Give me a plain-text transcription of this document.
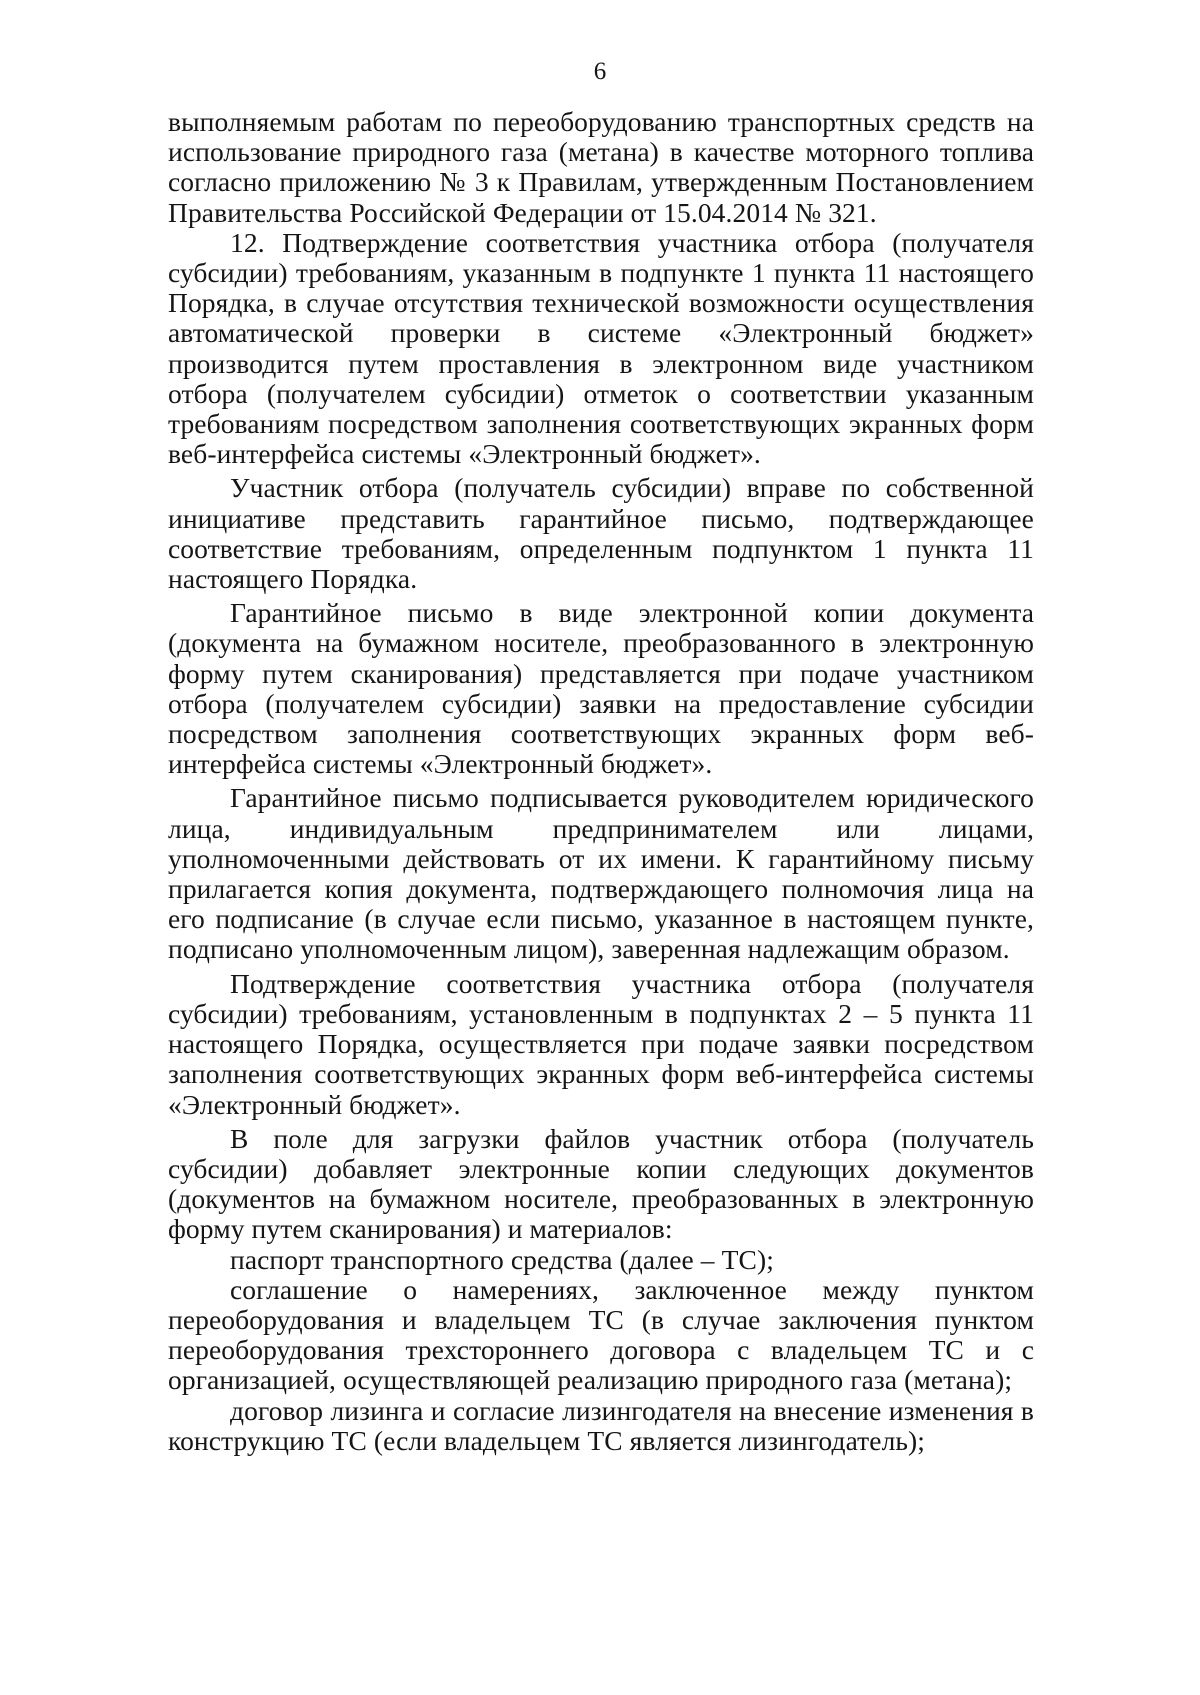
6

выполняемым работам по переоборудованию транспортных средств на использование природного газа (метана) в качестве моторного топлива согласно приложению № 3 к Правилам, утвержденным Постановлением Правительства Российской Федерации от 15.04.2014 № 321.

12. Подтверждение соответствия участника отбора (получателя субсидии) требованиям, указанным в подпункте 1 пункта 11 настоящего Порядка, в случае отсутствия технической возможности осуществления автоматической проверки в системе «Электронный бюджет» производится путем проставления в электронном виде участником отбора (получателем субсидии) отметок о соответствии указанным требованиям посредством заполнения соответствующих экранных форм веб-интерфейса системы «Электронный бюджет».

Участник отбора (получатель субсидии) вправе по собственной инициативе представить гарантийное письмо, подтверждающее соответствие требованиям, определенным подпунктом 1 пункта 11 настоящего Порядка.

Гарантийное письмо в виде электронной копии документа (документа на бумажном носителе, преобразованного в электронную форму путем сканирования) представляется при подаче участником отбора (получателем субсидии) заявки на предоставление субсидии посредством заполнения соответствующих экранных форм веб-интерфейса системы «Электронный бюджет».

Гарантийное письмо подписывается руководителем юридического лица, индивидуальным предпринимателем или лицами, уполномоченными действовать от их имени. К гарантийному письму прилагается копия документа, подтверждающего полномочия лица на его подписание (в случае если письмо, указанное в настоящем пункте, подписано уполномоченным лицом), заверенная надлежащим образом.

Подтверждение соответствия участника отбора (получателя субсидии) требованиям, установленным в подпунктах 2 – 5 пункта 11 настоящего Порядка, осуществляется при подаче заявки посредством заполнения соответствующих экранных форм веб-интерфейса системы «Электронный бюджет».

В поле для загрузки файлов участник отбора (получатель субсидии) добавляет электронные копии следующих документов (документов на бумажном носителе, преобразованных в электронную форму путем сканирования) и материалов:

паспорт транспортного средства (далее – ТС);

соглашение о намерениях, заключенное между пунктом переоборудования и владельцем ТС (в случае заключения пунктом переоборудования трехстороннего договора с владельцем ТС и с организацией, осуществляющей реализацию природного газа (метана);

договор лизинга и согласие лизингодателя на внесение изменения в конструкцию ТС (если владельцем ТС является лизингодатель);
